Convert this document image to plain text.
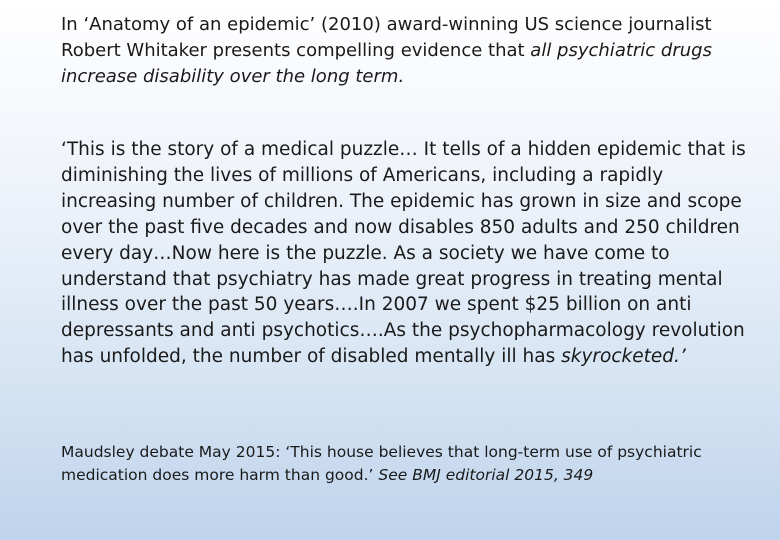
In ‘Anatomy of an epidemic’ (2010) award-winning US science journalist Robert Whitaker presents compelling evidence that all psychiatric drugs increase disability over the long term.

‘This is the story of a medical puzzle… It tells of a hidden epidemic that is diminishing the lives of millions of Americans, including a rapidly increasing number of children. The epidemic has grown in size and scope over the past five decades and now disables 850 adults and 250 children every day…Now here is the puzzle. As a society we have come to understand that psychiatry has made great progress in treating mental illness over the past 50 years….In 2007 we spent $25 billion on anti depressants and anti psychotics….As the psychopharmacology revolution has unfolded, the number of disabled mentally ill has skyrocketed.’

Maudsley debate May 2015: ‘This house believes that long-term use of psychiatric medication does more harm than good.’ See BMJ editorial 2015, 349
